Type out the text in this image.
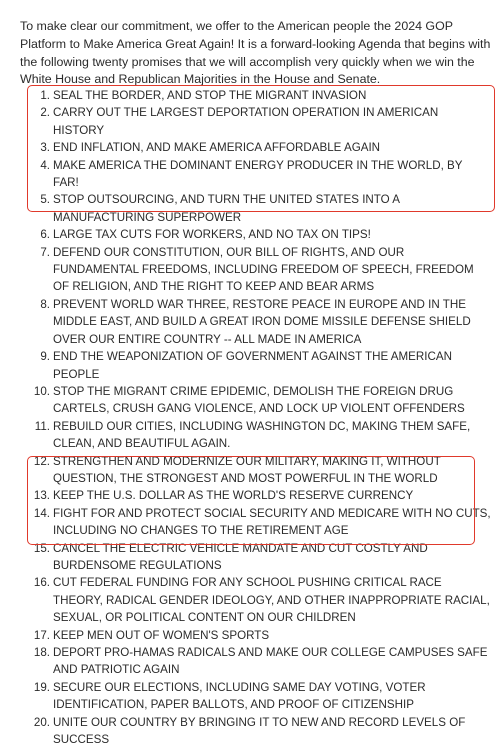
To make clear our commitment, we offer to the American people the 2024 GOP Platform to Make America Great Again! It is a forward-looking Agenda that begins with the following twenty promises that we will accomplish very quickly when we win the White House and Republican Majorities in the House and Senate.

1. SEAL THE BORDER, AND STOP THE MIGRANT INVASION
2. CARRY OUT THE LARGEST DEPORTATION OPERATION IN AMERICAN HISTORY
3. END INFLATION, AND MAKE AMERICA AFFORDABLE AGAIN
4. MAKE AMERICA THE DOMINANT ENERGY PRODUCER IN THE WORLD, BY FAR!
5. STOP OUTSOURCING, AND TURN THE UNITED STATES INTO A MANUFACTURING SUPERPOWER
6. LARGE TAX CUTS FOR WORKERS, AND NO TAX ON TIPS!
7. DEFEND OUR CONSTITUTION, OUR BILL OF RIGHTS, AND OUR FUNDAMENTAL FREEDOMS, INCLUDING FREEDOM OF SPEECH, FREEDOM OF RELIGION, AND THE RIGHT TO KEEP AND BEAR ARMS
8. PREVENT WORLD WAR THREE, RESTORE PEACE IN EUROPE AND IN THE MIDDLE EAST, AND BUILD A GREAT IRON DOME MISSILE DEFENSE SHIELD OVER OUR ENTIRE COUNTRY -- ALL MADE IN AMERICA
9. END THE WEAPONIZATION OF GOVERNMENT AGAINST THE AMERICAN PEOPLE
10. STOP THE MIGRANT CRIME EPIDEMIC, DEMOLISH THE FOREIGN DRUG CARTELS, CRUSH GANG VIOLENCE, AND LOCK UP VIOLENT OFFENDERS
11. REBUILD OUR CITIES, INCLUDING WASHINGTON DC, MAKING THEM SAFE, CLEAN, AND BEAUTIFUL AGAIN.
12. STRENGTHEN AND MODERNIZE OUR MILITARY, MAKING IT, WITHOUT QUESTION, THE STRONGEST AND MOST POWERFUL IN THE WORLD
13. KEEP THE U.S. DOLLAR AS THE WORLD'S RESERVE CURRENCY
14. FIGHT FOR AND PROTECT SOCIAL SECURITY AND MEDICARE WITH NO CUTS, INCLUDING NO CHANGES TO THE RETIREMENT AGE
15. CANCEL THE ELECTRIC VEHICLE MANDATE AND CUT COSTLY AND BURDENSOME REGULATIONS
16. CUT FEDERAL FUNDING FOR ANY SCHOOL PUSHING CRITICAL RACE THEORY, RADICAL GENDER IDEOLOGY, AND OTHER INAPPROPRIATE RACIAL, SEXUAL, OR POLITICAL CONTENT ON OUR CHILDREN
17. KEEP MEN OUT OF WOMEN'S SPORTS
18. DEPORT PRO-HAMAS RADICALS AND MAKE OUR COLLEGE CAMPUSES SAFE AND PATRIOTIC AGAIN
19. SECURE OUR ELECTIONS, INCLUDING SAME DAY VOTING, VOTER IDENTIFICATION, PAPER BALLOTS, AND PROOF OF CITIZENSHIP
20. UNITE OUR COUNTRY BY BRINGING IT TO NEW AND RECORD LEVELS OF SUCCESS
